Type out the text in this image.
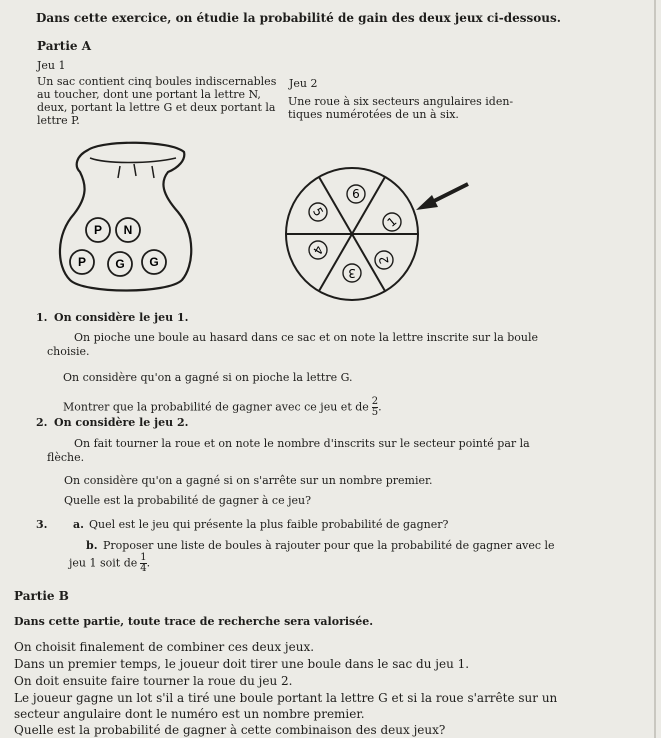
Dans cette exercice, on étudie la probabilité de gain des deux jeux ci-dessous.
Partie A
Jeu 1
Un sac contient cinq boules indiscernables
au toucher, dont une portant la lettre N,
deux, portant la lettre G et deux portant la
lettre P.
Jeu 2
Une roue à six secteurs angulaires iden-
tiques numérotées de un à six.
P N
P G G
6
1
2
3
4
5
1. On considère le jeu 1.
On pioche une boule au hasard dans ce sac et on note la lettre inscrite sur la boule
choisie.
On considère qu'on a gagné si on pioche la lettre G.
Montrer que la probabilité de gagner avec ce jeu et de $\frac{2}{5}$ .
2. On considère le jeu 2.
On fait tourner la roue et on note le nombre d'inscrits sur le secteur pointé par la
flèche.
On considère qu'on a gagné si on s'arrête sur un nombre premier.
Quelle est la probabilité de gagner à ce jeu?
3. a. Quel est le jeu qui présente la plus faible probabilité de gagner?
b. Proposer une liste de boules à rajouter pour que la probabilité de gagner avec le
jeu 1 soit de $\frac{1}{4}$ .
Partie B
Dans cette partie, toute trace de recherche sera valorisée.
On choisit finalement de combiner ces deux jeux.
Dans un premier temps, le joueur doit tirer une boule dans le sac du jeu 1.
On doit ensuite faire tourner la roue du jeu 2.
Le joueur gagne un lot s'il a tiré une boule portant la lettre G et si la roue s'arrête sur un
secteur angulaire dont le numéro est un nombre premier.
Quelle est la probabilité de gagner à cette combinaison des deux jeux?
